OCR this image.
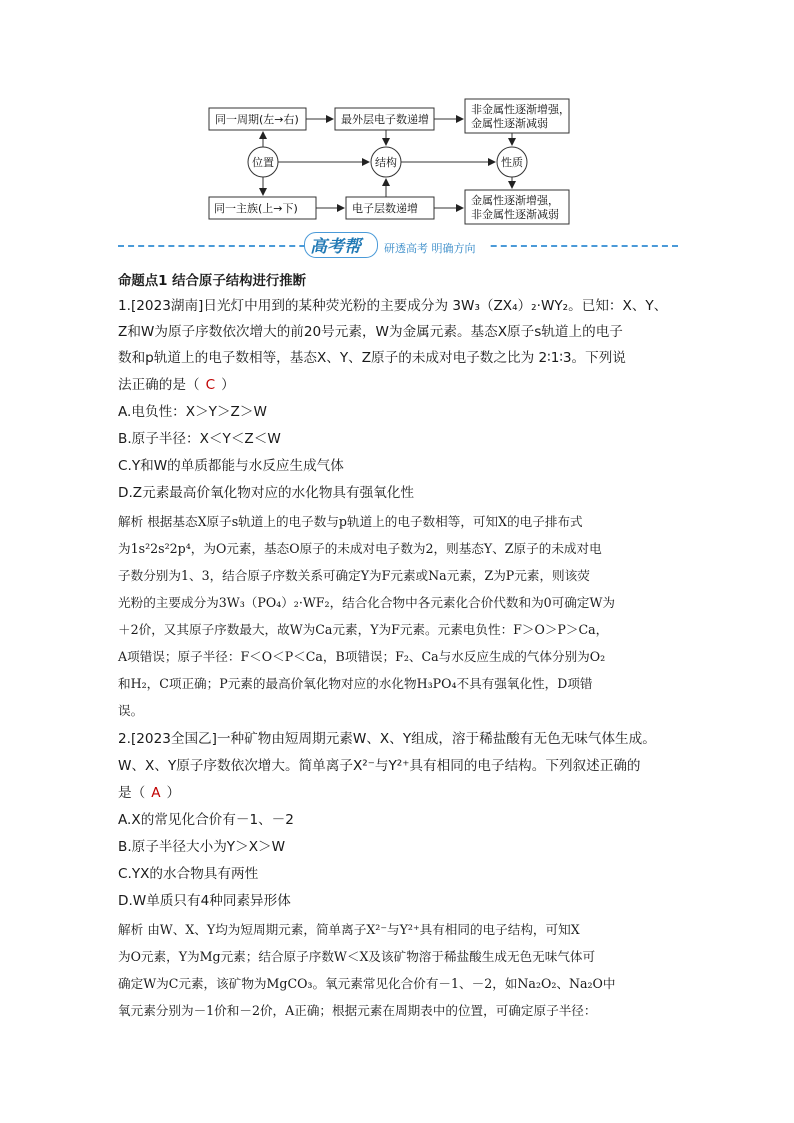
同一周期(左→右)	最外层电子数递增
非金属性逐渐增强，
金属性逐渐减弱
位置	结构	性质
同一主族(上→下)	电子层数递增
金属性逐渐增强，
非金属性逐渐减弱
高考帮 研透高考 明确方向
命题点1 结合原子结构进行推断
1.[2023湖南]日光灯中用到的某种荧光粉的主要成分为 3W₃（ZX₄）₂·WY₂。已知：X、Y、
Z和W为原子序数依次增大的前20号元素，W为金属元素。基态X原子s轨道上的电子
数和p轨道上的电子数相等，基态X、Y、Z原子的未成对电子数之比为 2∶1∶3。下列说
法正确的是（ C ）
A.电负性：X＞Y＞Z＞W
B.原子半径：X＜Y＜Z＜W
C.Y和W的单质都能与水反应生成气体
D.Z元素最高价氧化物对应的水化物具有强氧化性
解析 根据基态X原子s轨道上的电子数与p轨道上的电子数相等，可知X的电子排布式
为1s²2s²2p⁴，为O元素，基态O原子的未成对电子数为2，则基态Y、Z原子的未成对电
子数分别为1、3，结合原子序数关系可确定Y为F元素或Na元素，Z为P元素，则该荧
光粉的主要成分为3W₃（PO₄）₂·WF₂，结合化合物中各元素化合价代数和为0可确定W为
＋2价，又其原子序数最大，故W为Ca元素，Y为F元素。元素电负性：F＞O＞P＞Ca，
A项错误；原子半径：F＜O＜P＜Ca，B项错误；F₂、Ca与水反应生成的气体分别为O₂
和H₂，C项正确；P元素的最高价氧化物对应的水化物H₃PO₄不具有强氧化性，D项错
误。
2.[2023全国乙]一种矿物由短周期元素W、X、Y组成，溶于稀盐酸有无色无味气体生成。
W、X、Y原子序数依次增大。简单离子X²⁻与Y²⁺具有相同的电子结构。下列叙述正确的
是（ A ）
A.X的常见化合价有－1、－2
B.原子半径大小为Y＞X＞W
C.YX的水合物具有两性
D.W单质只有4种同素异形体
解析 由W、X、Y均为短周期元素，简单离子X²⁻与Y²⁺具有相同的电子结构，可知X
为O元素，Y为Mg元素；结合原子序数W＜X及该矿物溶于稀盐酸生成无色无味气体可
确定W为C元素，该矿物为MgCO₃。氧元素常见化合价有－1、－2，如Na₂O₂、Na₂O中
氧元素分别为－1价和－2价，A正确；根据元素在周期表中的位置，可确定原子半径：
